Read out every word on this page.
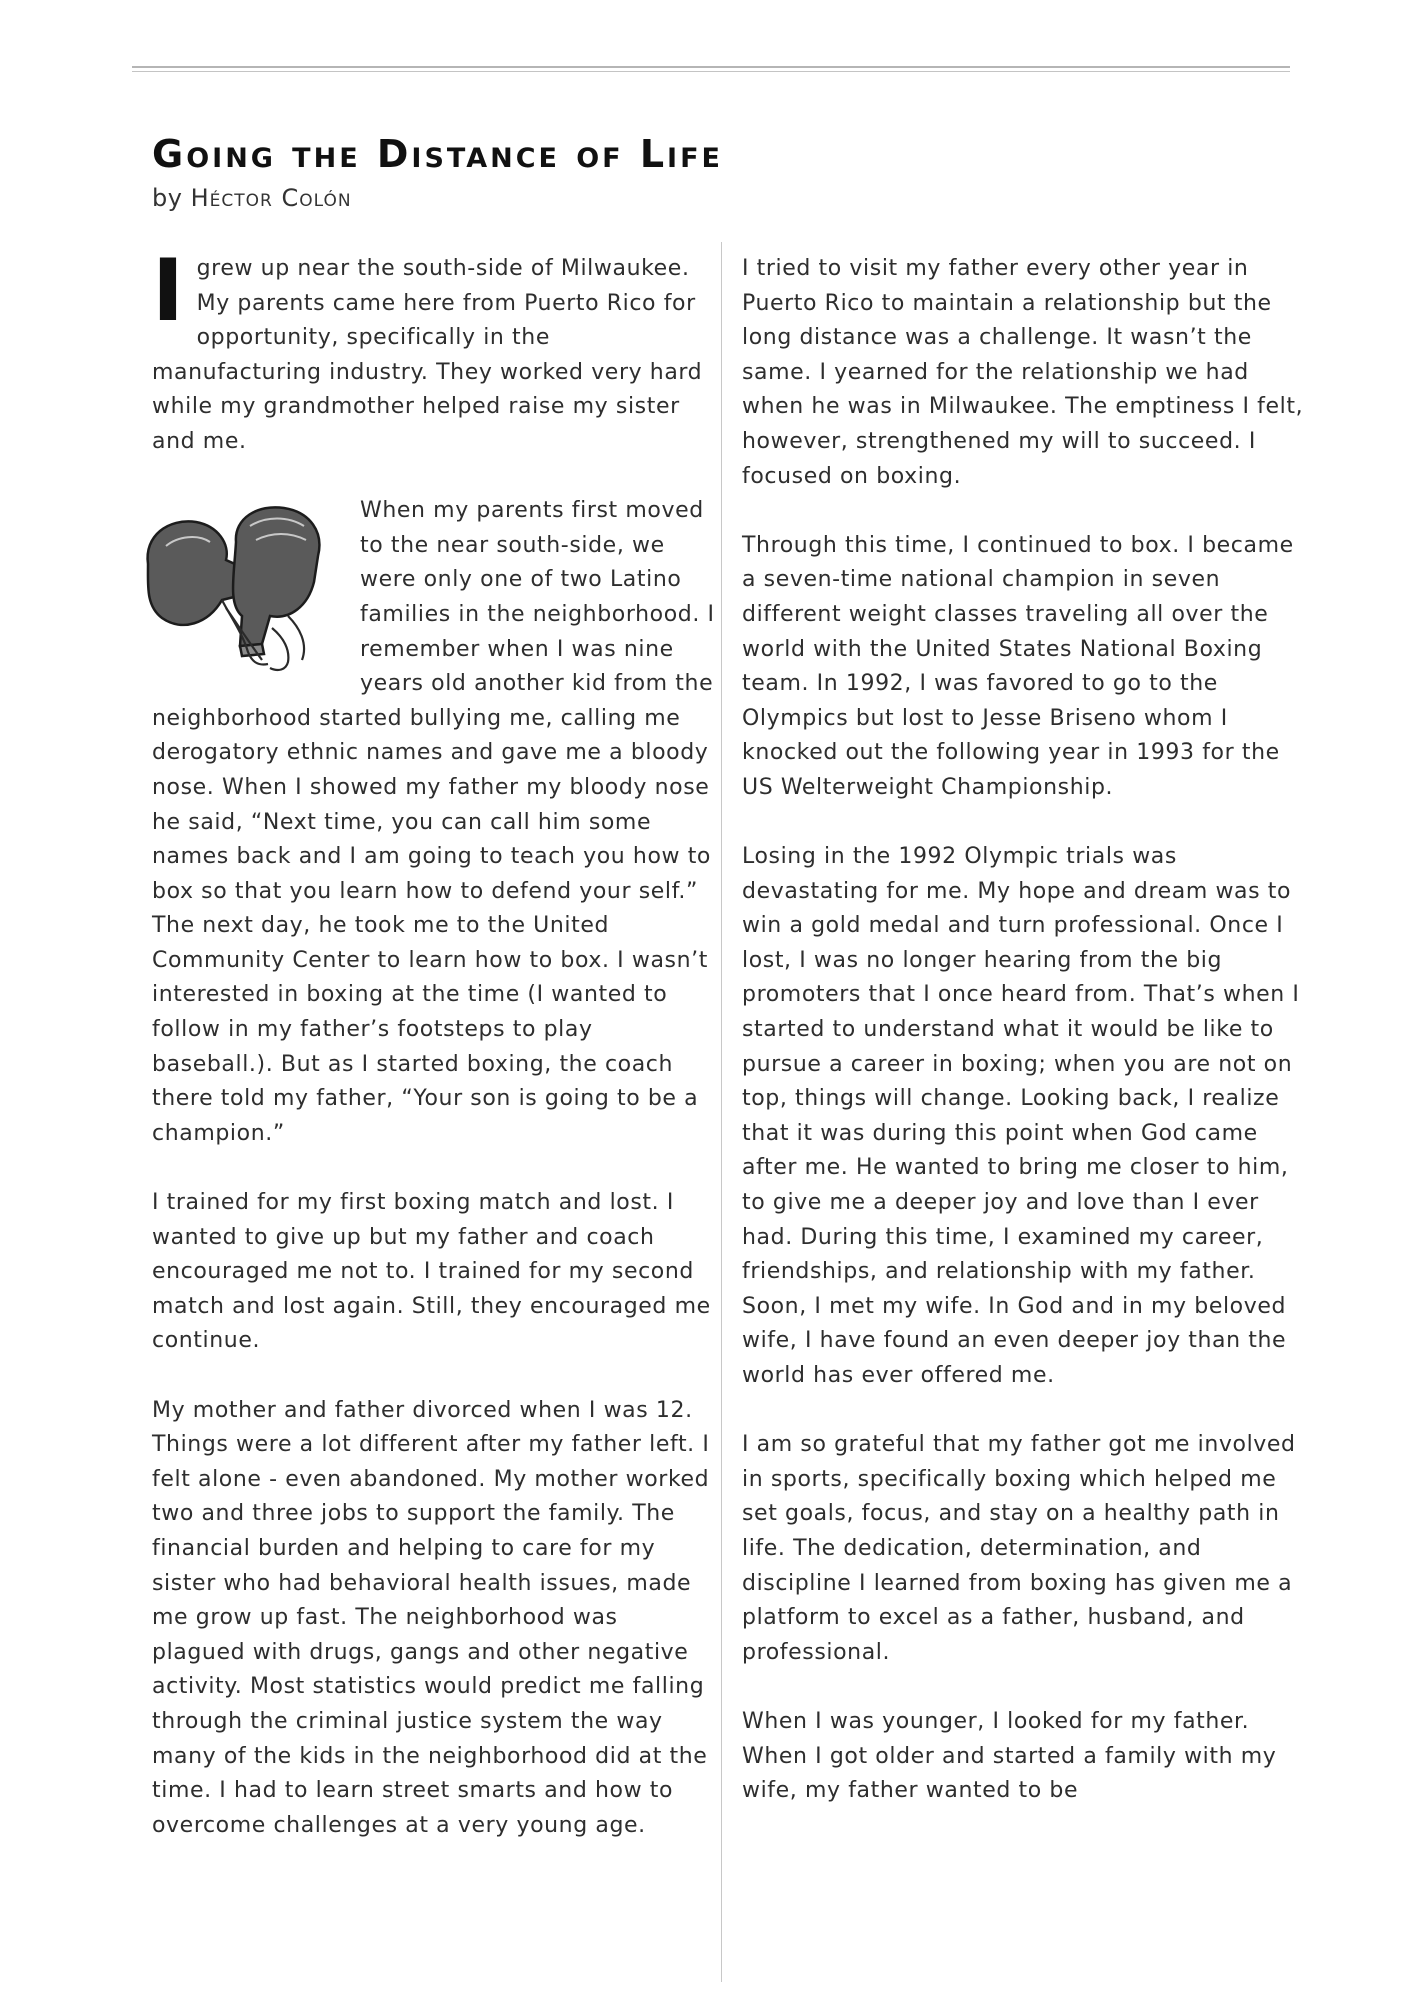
Going the Distance of Life

by Héctor Colón

Igrew up near the south-side of Milwaukee. My parents came here from Puerto Rico for opportunity, specifically in the manufacturing industry. They worked very hard while my grandmother helped raise my sister and me.

When my parents first moved to the near south-side, we were only one of two Latino families in the neighborhood. I remember when I was nine years old another kid from the neighborhood started bullying me, calling me derogatory ethnic names and gave me a bloody nose. When I showed my father my bloody nose he said, “Next time, you can call him some names back and I am going to teach you how to box so that you learn how to defend your self.” The next day, he took me to the United Community Center to learn how to box. I wasn’t interested in boxing at the time (I wanted to follow in my father’s footsteps to play baseball.). But as I started boxing, the coach there told my father, “Your son is going to be a champion.”

I trained for my first boxing match and lost. I wanted to give up but my father and coach encouraged me not to. I trained for my second match and lost again. Still, they encouraged me continue.

My mother and father divorced when I was 12. Things were a lot different after my father left. I felt alone - even abandoned. My mother worked two and three jobs to support the family. The financial burden and helping to care for my sister who had behavioral health issues, made me grow up fast. The neighborhood was plagued with drugs, gangs and other negative activity. Most statistics would predict me falling through the criminal justice system the way many of the kids in the neighborhood did at the time. I had to learn street smarts and how to overcome challenges at a very young age.

I tried to visit my father every other year in Puerto Rico to maintain a relationship but the long distance was a challenge. It wasn’t the same. I yearned for the relationship we had when he was in Milwaukee. The emptiness I felt, however, strengthened my will to succeed. I focused on boxing.

Through this time, I continued to box. I became a seven-time national champion in seven different weight classes traveling all over the world with the United States National Boxing team. In 1992, I was favored to go to the Olympics but lost to Jesse Briseno whom I knocked out the following year in 1993 for the US Welterweight Championship.

Losing in the 1992 Olympic trials was devastating for me. My hope and dream was to win a gold medal and turn professional. Once I lost, I was no longer hearing from the big promoters that I once heard from. That’s when I started to understand what it would be like to pursue a career in boxing; when you are not on top, things will change. Looking back, I realize that it was during this point when God came after me. He wanted to bring me closer to him, to give me a deeper joy and love than I ever had. During this time, I examined my career, friendships, and relationship with my father. Soon, I met my wife. In God and in my beloved wife, I have found an even deeper joy than the world has ever offered me.

I am so grateful that my father got me involved in sports, specifically boxing which helped me set goals, focus, and stay on a healthy path in life. The dedication, determination, and discipline I learned from boxing has given me a platform to excel as a father, husband, and professional.

When I was younger, I looked for my father. When I got older and started a family with my wife, my father wanted to be
